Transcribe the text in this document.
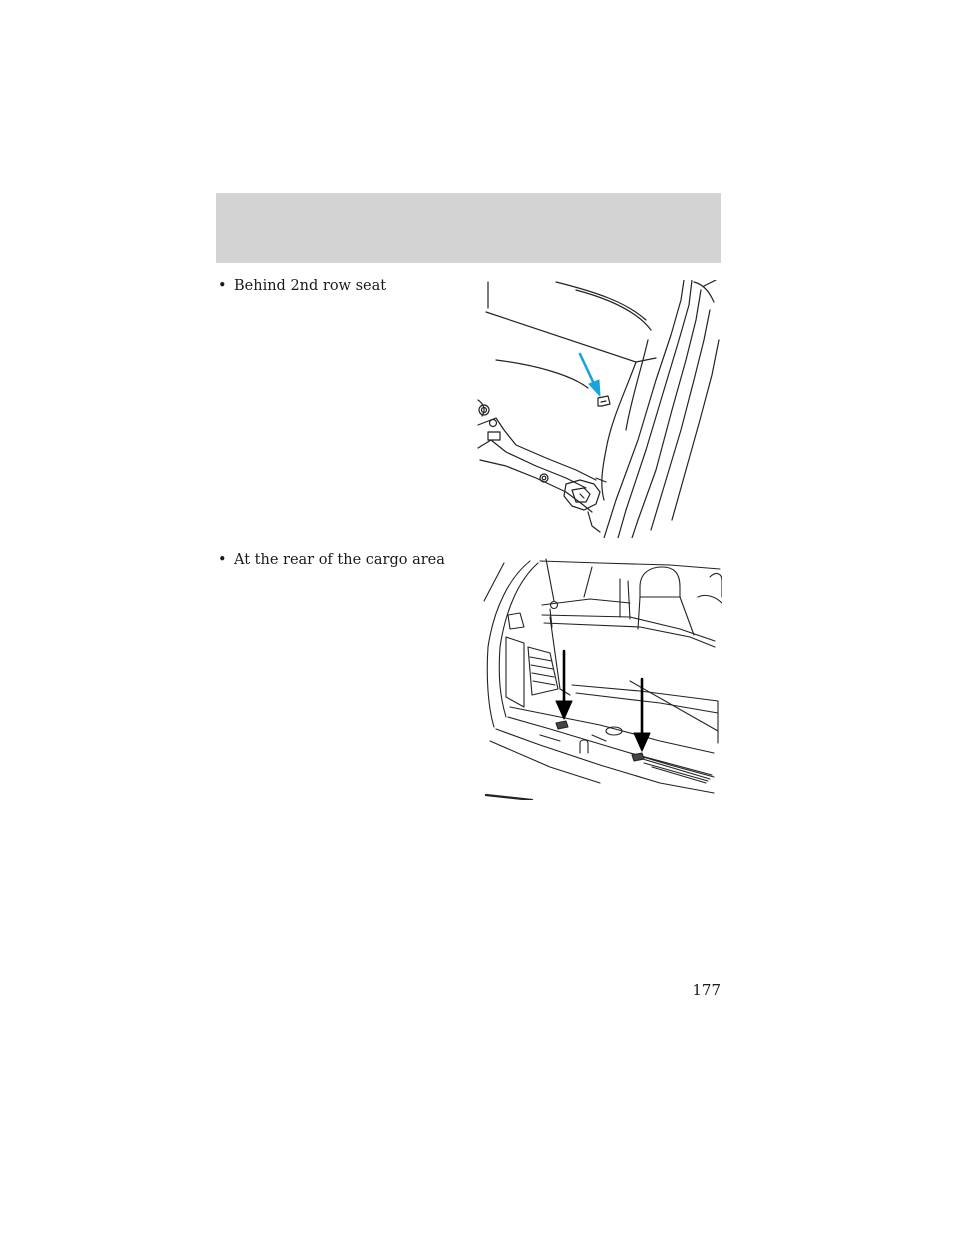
• Behind 2nd row seat
• At the rear of the cargo area
177
